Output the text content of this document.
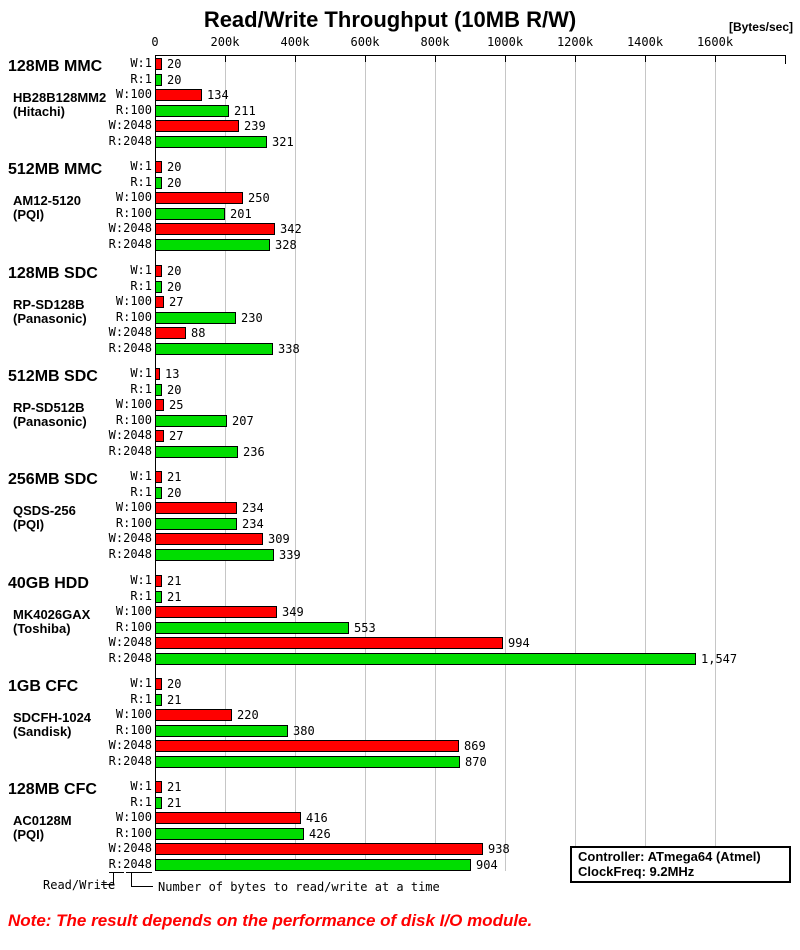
Read/Write Throughput (10MB R/W)	[Bytes/sec]
0	200k	400k	600k	800k	1000k	1200k	1400k	1600k
20
20
134
211
239
321
20
20
250
201
342
328
20
20
27
230
88
338
13
20
25
207
27
236
21
20
234
234
309
339
21
21
349
553
994
1,547
20
21
220
380
869
870
21
21
416
426
938
904
128MB MMC
HB28B128MM2
(Hitachi)
512MB MMC
AM12-5120
(PQI)
128MB SDC
RP-SD128B
(Panasonic)
512MB SDC
RP-SD512B
(Panasonic)
256MB SDC
QSDS-256
(PQI)
40GB HDD
MK4026GAX
(Toshiba)
1GB CFC
SDCFH-1024
(Sandisk)
128MB CFC
AC0128M
(PQI)
W:1
R:1
W:100
R:100
W:2048
R:2048
W:1
R:1
W:100
R:100
W:2048
R:2048
W:1
R:1
W:100
R:100
W:2048
R:2048
W:1
R:1
W:100
R:100
W:2048
R:2048
W:1
R:1
W:100
R:100
W:2048
R:2048
W:1
R:1
W:100
R:100
W:2048
R:2048
W:1
R:1
W:100
R:100
W:2048
R:2048
W:1
R:1
W:100
R:100
W:2048
R:2048
Read/Write	Number of bytes to read/write at a time
Controller: ATmega64 (Atmel)
ClockFreq: 9.2MHz
Note: The result depends on the performance of disk I/O module.
